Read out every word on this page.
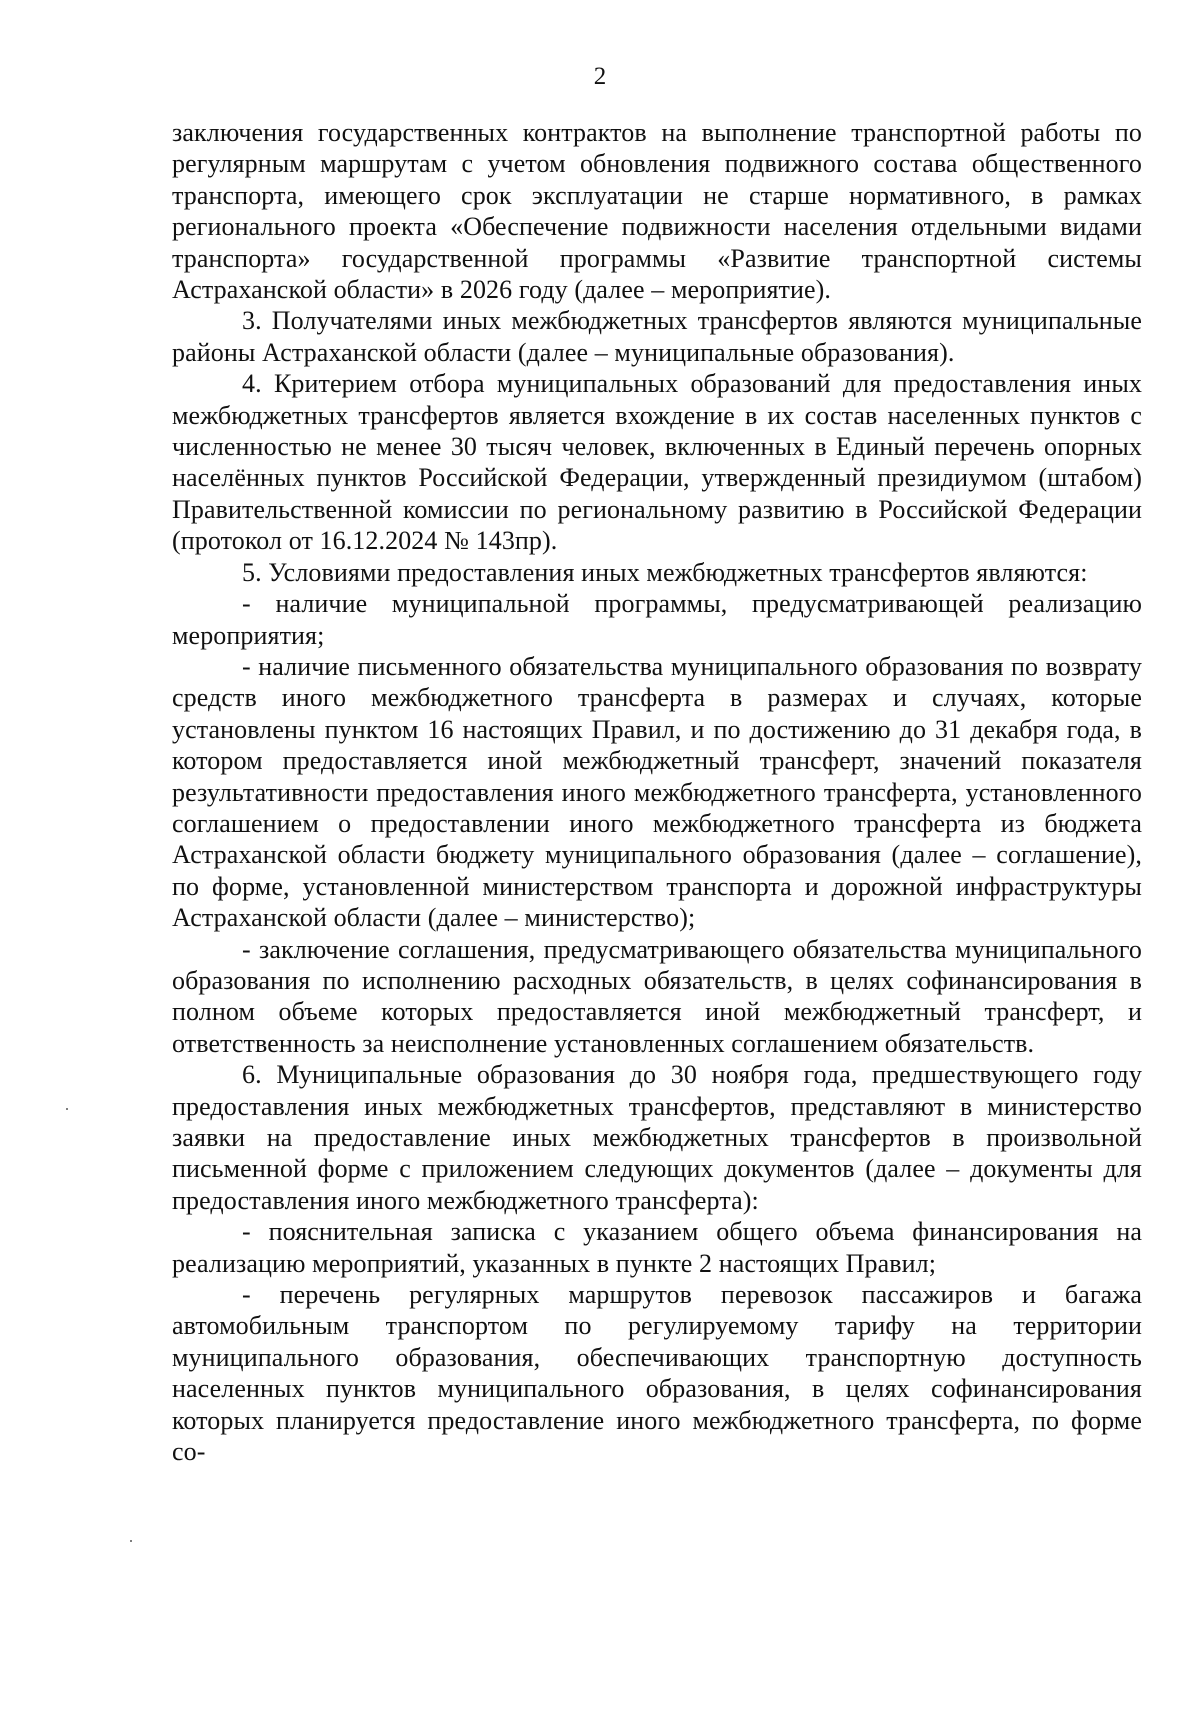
2

заключения государственных контрактов на выполнение транспортной работы по регулярным маршрутам с учетом обновления подвижного состава общественного транспорта, имеющего срок эксплуатации не старше нормативного, в рамках регионального проекта «Обеспечение подвижности населения отдельными видами транспорта» государственной программы «Развитие транспортной системы Астраханской области» в 2026 году (далее – мероприятие).

3. Получателями иных межбюджетных трансфертов являются муниципальные районы Астраханской области (далее – муниципальные образования).

4. Критерием отбора муниципальных образований для предоставления иных межбюджетных трансфертов является вхождение в их состав населенных пунктов с численностью не менее 30 тысяч человек, включенных в Единый перечень опорных населённых пунктов Российской Федерации, утвержденный президиумом (штабом) Правительственной комиссии по региональному развитию в Российской Федерации (протокол от 16.12.2024 № 143пр).

5. Условиями предоставления иных межбюджетных трансфертов являются:

- наличие муниципальной программы, предусматривающей реализацию мероприятия;

- наличие письменного обязательства муниципального образования по возврату средств иного межбюджетного трансферта в размерах и случаях, которые установлены пунктом 16 настоящих Правил, и по достижению до 31 декабря года, в котором предоставляется иной межбюджетный трансферт, значений показателя результативности предоставления иного межбюджетного трансферта, установленного соглашением о предоставлении иного межбюджетного трансферта из бюджета Астраханской области бюджету муниципального образования (далее – соглашение), по форме, установленной министерством транспорта и дорожной инфраструктуры Астраханской области (далее – министерство);

- заключение соглашения, предусматривающего обязательства муниципального образования по исполнению расходных обязательств, в целях софинансирования в полном объеме которых предоставляется иной межбюджетный трансферт, и ответственность за неисполнение установленных соглашением обязательств.

6. Муниципальные образования до 30 ноября года, предшествующего году предоставления иных межбюджетных трансфертов, представляют в министерство заявки на предоставление иных межбюджетных трансфертов в произвольной письменной форме с приложением следующих документов (далее – документы для предоставления иного межбюджетного трансферта):

- пояснительная записка с указанием общего объема финансирования на реализацию мероприятий, указанных в пункте 2 настоящих Правил;

- перечень регулярных маршрутов перевозок пассажиров и багажа автомобильным транспортом по регулируемому тарифу на территории муниципального образования, обеспечивающих транспортную доступность населенных пунктов муниципального образования, в целях софинансирования которых планируется предоставление иного межбюджетного трансферта, по форме со-
